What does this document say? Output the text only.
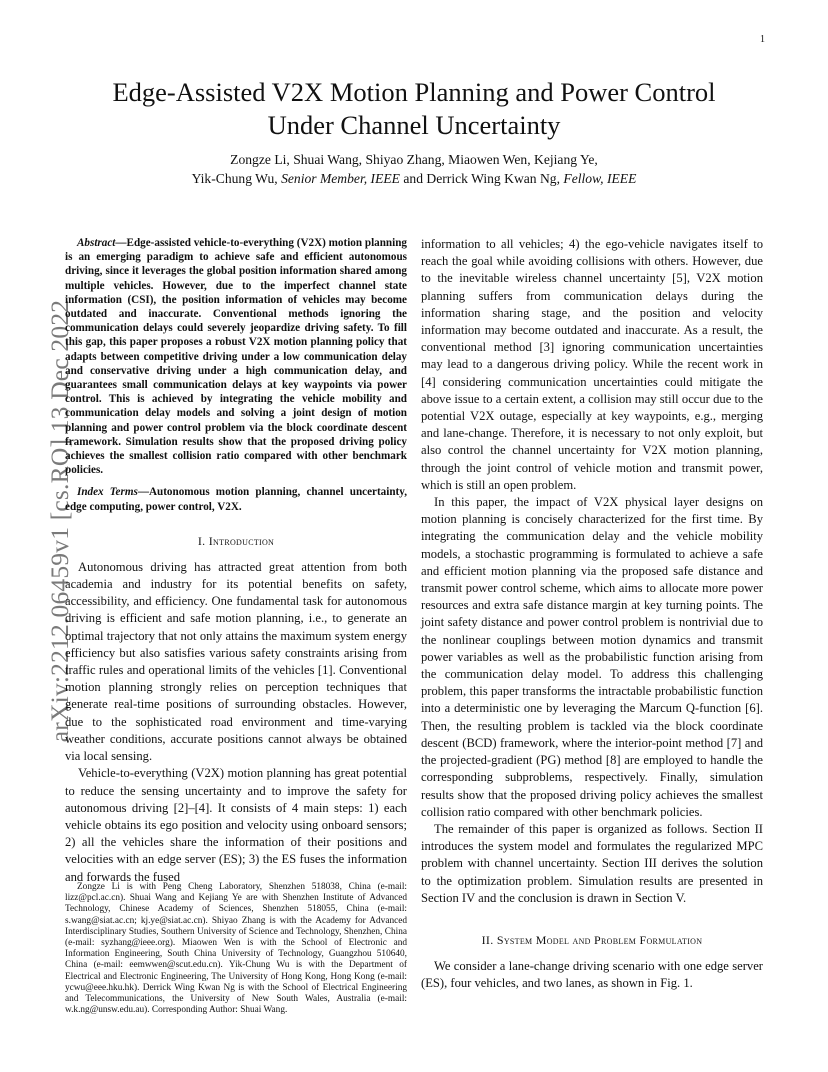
1
arXiv:2212.06459v1 [cs.RO] 13 Dec 2022
Edge-Assisted V2X Motion Planning and Power Control
Under Channel Uncertainty

Zongze Li, Shuai Wang, Shiyao Zhang, Miaowen Wen, Kejiang Ye,

Yik-Chung Wu, Senior Member, IEEE and Derrick Wing Kwan Ng, Fellow, IEEE

Abstract—Edge-assisted vehicle-to-everything (V2X) motion planning is an emerging paradigm to achieve safe and efficient autonomous driving, since it leverages the global position information shared among multiple vehicles. However, due to the imperfect channel state information (CSI), the position information of vehicles may become outdated and inaccurate. Conventional methods ignoring the communication delays could severely jeopardize driving safety. To fill this gap, this paper proposes a robust V2X motion planning policy that adapts between competitive driving under a low communication delay and conservative driving under a high communication delay, and guarantees small communication delays at key waypoints via power control. This is achieved by integrating the vehicle mobility and communication delay models and solving a joint design of motion planning and power control problem via the block coordinate descent framework. Simulation results show that the proposed driving policy achieves the smallest collision ratio compared with other benchmark policies.

Index Terms—Autonomous motion planning, channel uncertainty, edge computing, power control, V2X.

I. Introduction

Autonomous driving has attracted great attention from both academia and industry for its potential benefits on safety, accessibility, and efficiency. One fundamental task for autonomous driving is efficient and safe motion planning, i.e., to generate an optimal trajectory that not only attains the maximum system energy efficiency but also satisfies various safety constraints arising from traffic rules and operational limits of the vehicles [1]. Conventional motion planning strongly relies on perception techniques that generate real-time positions of surrounding obstacles. However, due to the sophisticated road environment and time-varying weather conditions, accurate positions cannot always be obtained via local sensing.

Vehicle-to-everything (V2X) motion planning has great potential to reduce the sensing uncertainty and to improve the safety for autonomous driving [2]–[4]. It consists of 4 main steps: 1) each vehicle obtains its ego position and velocity using onboard sensors; 2) all the vehicles share the information of their positions and velocities with an edge server (ES); 3) the ES fuses the information and forwards the fused

Zongze Li is with Peng Cheng Laboratory, Shenzhen 518038, China (e-mail: lizz@pcl.ac.cn). Shuai Wang and Kejiang Ye are with Shenzhen Institute of Advanced Technology, Chinese Academy of Sciences, Shenzhen 518055, China (e-mail: s.wang@siat.ac.cn; kj.ye@siat.ac.cn). Shiyao Zhang is with the Academy for Advanced Interdisciplinary Studies, Southern University of Science and Technology, Shenzhen, China (e-mail: syzhang@ieee.org). Miaowen Wen is with the School of Electronic and Information Engineering, South China University of Technology, Guangzhou 510640, China (e-mail: eemwwen@scut.edu.cn). Yik-Chung Wu is with the Department of Electrical and Electronic Engineering, The University of Hong Kong, Hong Kong (e-mail: ycwu@eee.hku.hk). Derrick Wing Kwan Ng is with the School of Electrical Engineering and Telecommunications, the University of New South Wales, Australia (e-mail: w.k.ng@unsw.edu.au). Corresponding Author: Shuai Wang.

information to all vehicles; 4) the ego-vehicle navigates itself to reach the goal while avoiding collisions with others. However, due to the inevitable wireless channel uncertainty [5], V2X motion planning suffers from communication delays during the information sharing stage, and the position and velocity information may become outdated and inaccurate. As a result, the conventional method [3] ignoring communication uncertainties may lead to a dangerous driving policy. While the recent work in [4] considering communication uncertainties could mitigate the above issue to a certain extent, a collision may still occur due to the potential V2X outage, especially at key waypoints, e.g., merging and lane-change. Therefore, it is necessary to not only exploit, but also control the channel uncertainty for V2X motion planning, through the joint control of vehicle motion and transmit power, which is still an open problem.

In this paper, the impact of V2X physical layer designs on motion planning is concisely characterized for the first time. By integrating the communication delay and the vehicle mobility models, a stochastic programming is formulated to achieve a safe and efficient motion planning via the proposed safe distance and transmit power control scheme, which aims to allocate more power resources and extra safe distance margin at key turning points. The joint safety distance and power control problem is nontrivial due to the nonlinear couplings between motion dynamics and transmit power variables as well as the probabilistic function arising from the communication delay model. To address this challenging problem, this paper transforms the intractable probabilistic function into a deterministic one by leveraging the Marcum Q-function [6]. Then, the resulting problem is tackled via the block coordinate descent (BCD) framework, where the interior-point method [7] and the projected-gradient (PG) method [8] are employed to handle the corresponding subproblems, respectively. Finally, simulation results show that the proposed driving policy achieves the smallest collision ratio compared with other benchmark policies.

The remainder of this paper is organized as follows. Section II introduces the system model and formulates the regularized MPC problem with channel uncertainty. Section III derives the solution to the optimization problem. Simulation results are presented in Section IV and the conclusion is drawn in Section V.

II. System Model and Problem Formulation

We consider a lane-change driving scenario with one edge server (ES), four vehicles, and two lanes, as shown in Fig. 1.
